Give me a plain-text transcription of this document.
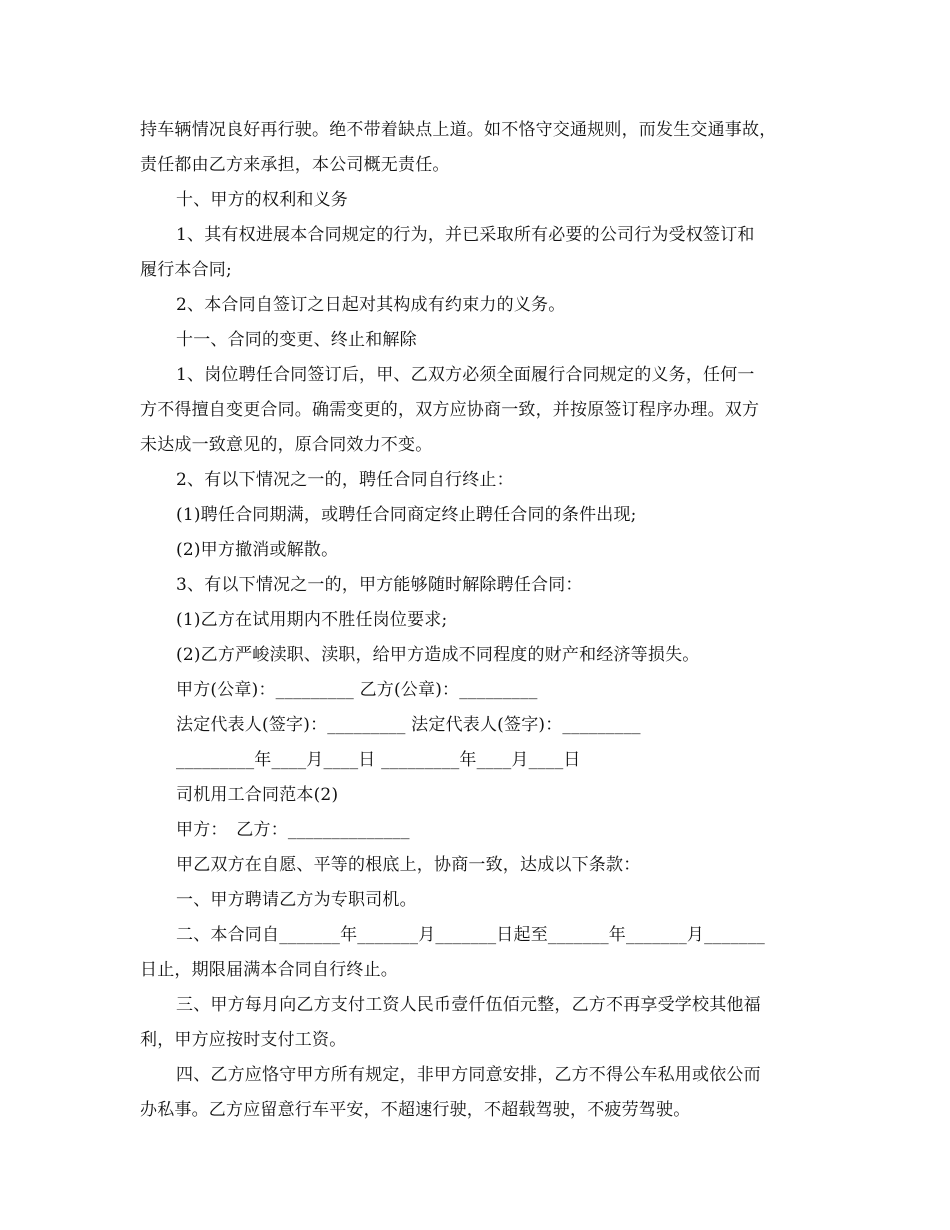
持车辆情况良好再行驶。绝不带着缺点上道。如不恪守交通规则，而发生交通事故，
责任都由乙方来承担，本公司概无责任。
十、甲方的权利和义务
1、其有权进展本合同规定的行为，并已采取所有必要的公司行为受权签订和
履行本合同;
2、本合同自签订之日起对其构成有约束力的义务。
十一、合同的变更、终止和解除
1、岗位聘任合同签订后，甲、乙双方必须全面履行合同规定的义务，任何一
方不得擅自变更合同。确需变更的，双方应协商一致，并按原签订程序办理。双方
未达成一致意见的，原合同效力不变。
2、有以下情况之一的，聘任合同自行终止：
(1)聘任合同期满，或聘任合同商定终止聘任合同的条件出现;
(2)甲方撤消或解散。
3、有以下情况之一的，甲方能够随时解除聘任合同：
(1)乙方在试用期内不胜任岗位要求;
(2)乙方严峻渎职、渎职，给甲方造成不同程度的财产和经济等损失。
甲方(公章)：_________ 乙方(公章)：_________
法定代表人(签字)：_________ 法定代表人(签字)：_________
_________年____月____日 _________年____月____日
司机用工合同范本(2)
甲方：　乙方：______________
甲乙双方在自愿、平等的根底上，协商一致，达成以下条款：
一、甲方聘请乙方为专职司机。
二、本合同自_______年_______月_______日起至_______年_______月_______
日止，期限届满本合同自行终止。
三、甲方每月向乙方支付工资人民币壹仟伍佰元整，乙方不再享受学校其他福
利，甲方应按时支付工资。
四、乙方应恪守甲方所有规定，非甲方同意安排，乙方不得公车私用或依公而
办私事。乙方应留意行车平安，不超速行驶，不超载驾驶，不疲劳驾驶。
